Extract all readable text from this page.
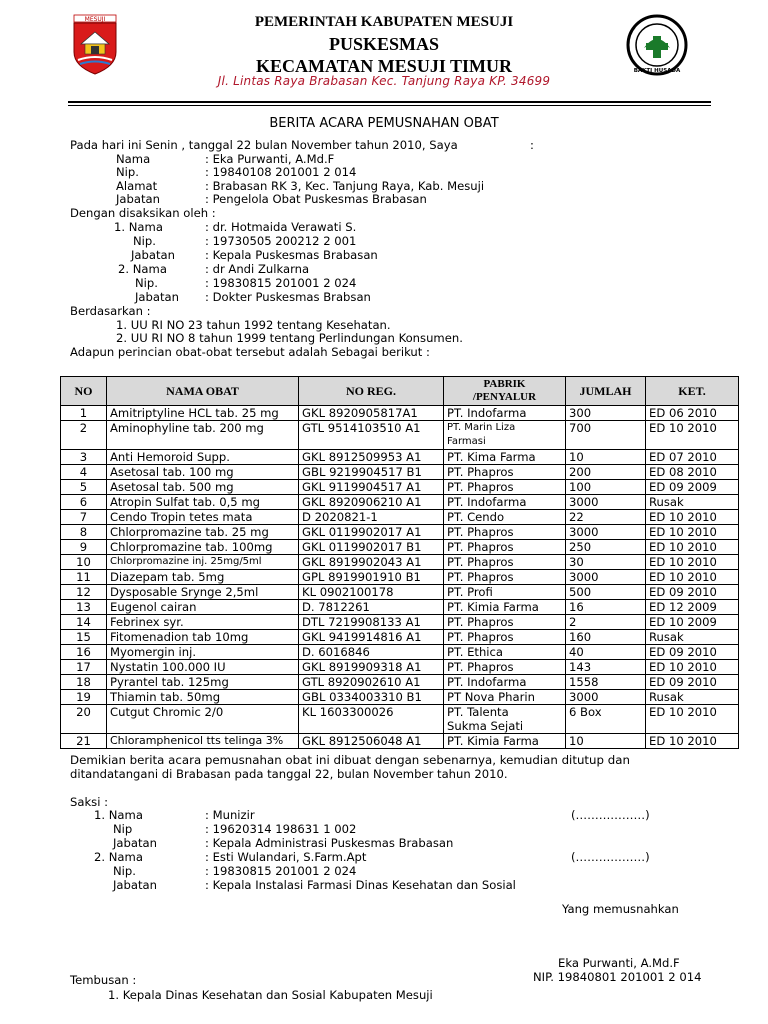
MESUJI	PEMERINTAH KABUPATEN MESUJI
PUSKESMAS
KECAMATAN MESUJI TIMUR
Jl. Lintas Raya Brabasan Kec. Tanjung Raya KP. 34699
BAKTI HUSADA
BERITA ACARA PEMUSNAHAN OBAT
Pada hari ini Senin , tanggal 22 bulan November tahun 2010, Saya	:
Nama	: Eka Purwanti, A.Md.F
Nip.	: 19840108 201001 2 014
Alamat	: Brabasan RK 3, Kec. Tanjung Raya, Kab. Mesuji
Jabatan	: Pengelola Obat Puskesmas Brabasan
Dengan disaksikan oleh :
1. Nama	: dr. Hotmaida Verawati S.
Nip.	: 19730505 200212 2 001
Jabatan	: Kepala Puskesmas Brabasan
2. Nama	: dr Andi Zulkarna
Nip.	: 19830815 201001 2 024
Jabatan : Dokter Puskesmas Brabsan
Berdasarkan :
1. UU RI NO 23 tahun 1992 tentang Kesehatan.
2. UU RI NO 8 tahun 1999 tentang Perlindungan Konsumen.
Adapun perincian obat-obat tersebut adalah Sebagai berikut :
NO	NAMA OBAT	NO REG.	PABRIK
/PENYALUR	JUMLAH	KET.
1	Amitriptyline HCL tab. 25 mg	GKL 8920905817A1	PT. Indofarma	300	ED 06 2010
2	Aminophyline tab. 200 mg	GTL 9514103510 A1	PT. Marin Liza
Farmasi	700	ED 10 2010
3	Anti Hemoroid Supp.	GKL 8912509953 A1	PT. Kima Farma	10	ED 07 2010
4	Asetosal tab. 100 mg	GBL 9219904517 B1	PT. Phapros	200	ED 08 2010
5	Asetosal tab. 500 mg	GKL 9119904517 A1	PT. Phapros	100	ED 09 2009
6	Atropin Sulfat tab. 0,5 mg	GKL 8920906210 A1	PT. Indofarma	3000	Rusak
7	Cendo Tropin tetes mata	D 2020821-1	PT. Cendo	22	ED 10 2010
8	Chlorpromazine tab. 25 mg	GKL 0119902017 A1	PT. Phapros	3000	ED 10 2010
9	Chlorpromazine tab. 100mg	GKL 0119902017 B1	PT. Phapros	250	ED 10 2010
10	Chlorpromazine inj. 25mg/5ml	GKL 8919902043 A1	PT. Phapros	30	ED 10 2010
11	Diazepam tab. 5mg	GPL 8919901910 B1	PT. Phapros	3000	ED 10 2010
12	Dysposable Srynge 2,5ml	KL 0902100178	PT. Profi	500	ED 09 2010
13	Eugenol cairan	D. 7812261	PT. Kimia Farma	16	ED 12 2009
14	Febrinex syr.	DTL 7219908133 A1	PT. Phapros	2	ED 10 2009
15	Fitomenadion tab 10mg	GKL 9419914816 A1	PT. Phapros	160	Rusak
16	Myomergin inj.	D. 6016846	PT. Ethica	40	ED 09 2010
17	Nystatin 100.000 IU	GKL 8919909318 A1	PT. Phapros	143	ED 10 2010
18	Pyrantel tab. 125mg	GTL 8920902610 A1	PT. Indofarma	1558	ED 09 2010
19	Thiamin tab. 50mg	GBL 0334003310 B1	PT Nova Pharin	3000	Rusak
20	Cutgut Chromic 2/0	KL 1603300026	PT. Talenta
Sukma Sejati	6 Box	ED 10 2010
21	Chloramphenicol tts telinga 3%	GKL 8912506048 A1	PT. Kimia Farma	10	ED 10 2010
Demikian berita acara pemusnahan obat ini dibuat dengan sebenarnya, kemudian ditutup dan
ditandatangani di Brabasan pada tanggal 22, bulan November tahun 2010.
Saksi :
1. Nama	: Munizir	(………………)
Nip	: 19620314 198631 1 002
Jabatan	: Kepala Administrasi Puskesmas Brabasan
2. Nama	: Esti Wulandari, S.Farm.Apt	(………………)
Nip.	: 19830815 201001 2 024
Jabatan	: Kepala Instalasi Farmasi Dinas Kesehatan dan Sosial
Yang memusnahkan
Eka Purwanti, A.Md.F
NIP. 19840801 201001 2 014
Tembusan :
1. Kepala Dinas Kesehatan dan Sosial Kabupaten Mesuji
